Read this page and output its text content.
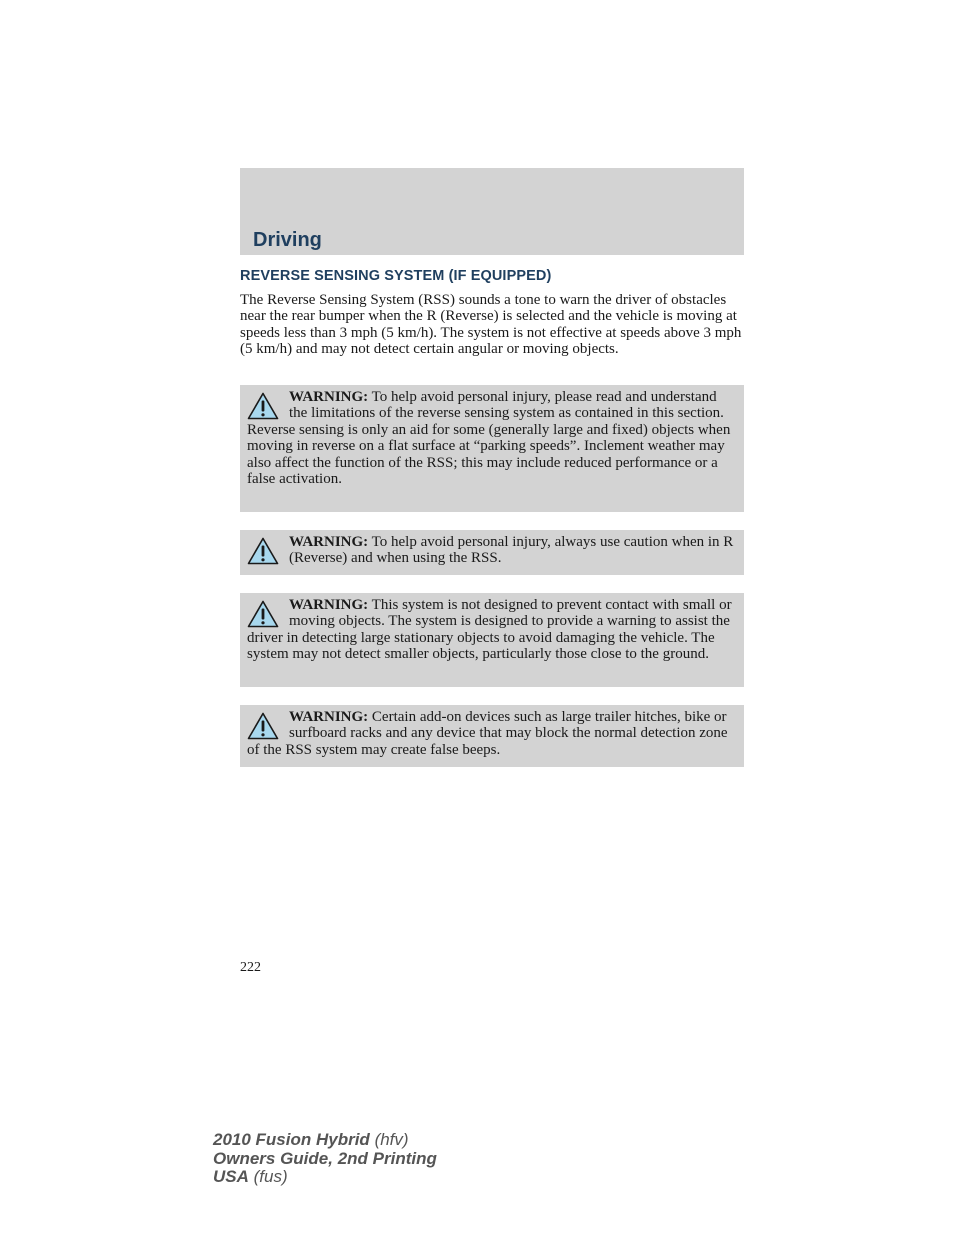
Driving
REVERSE SENSING SYSTEM (IF EQUIPPED)
The Reverse Sensing System (RSS) sounds a tone to warn the driver of obstacles near the rear bumper when the R (Reverse) is selected and the vehicle is moving at speeds less than 3 mph (5 km/h). The system is not effective at speeds above 3 mph (5 km/h) and may not detect certain angular or moving objects.
WARNING: To help avoid personal injury, please read and understand the limitations of the reverse sensing system as contained in this section. Reverse sensing is only an aid for some (generally large and fixed) objects when moving in reverse on a flat surface at “parking speeds”. Inclement weather may also affect the function of the RSS; this may include reduced performance or a false activation.
WARNING: To help avoid personal injury, always use caution when in R (Reverse) and when using the RSS.
WARNING: This system is not designed to prevent contact with small or moving objects. The system is designed to provide a warning to assist the driver in detecting large stationary objects to avoid damaging the vehicle. The system may not detect smaller objects, particularly those close to the ground.
WARNING: Certain add-on devices such as large trailer hitches, bike or surfboard racks and any device that may block the normal detection zone of the RSS system may create false beeps.
222
2010 Fusion Hybrid (hfv)
Owners Guide, 2nd Printing
USA (fus)
